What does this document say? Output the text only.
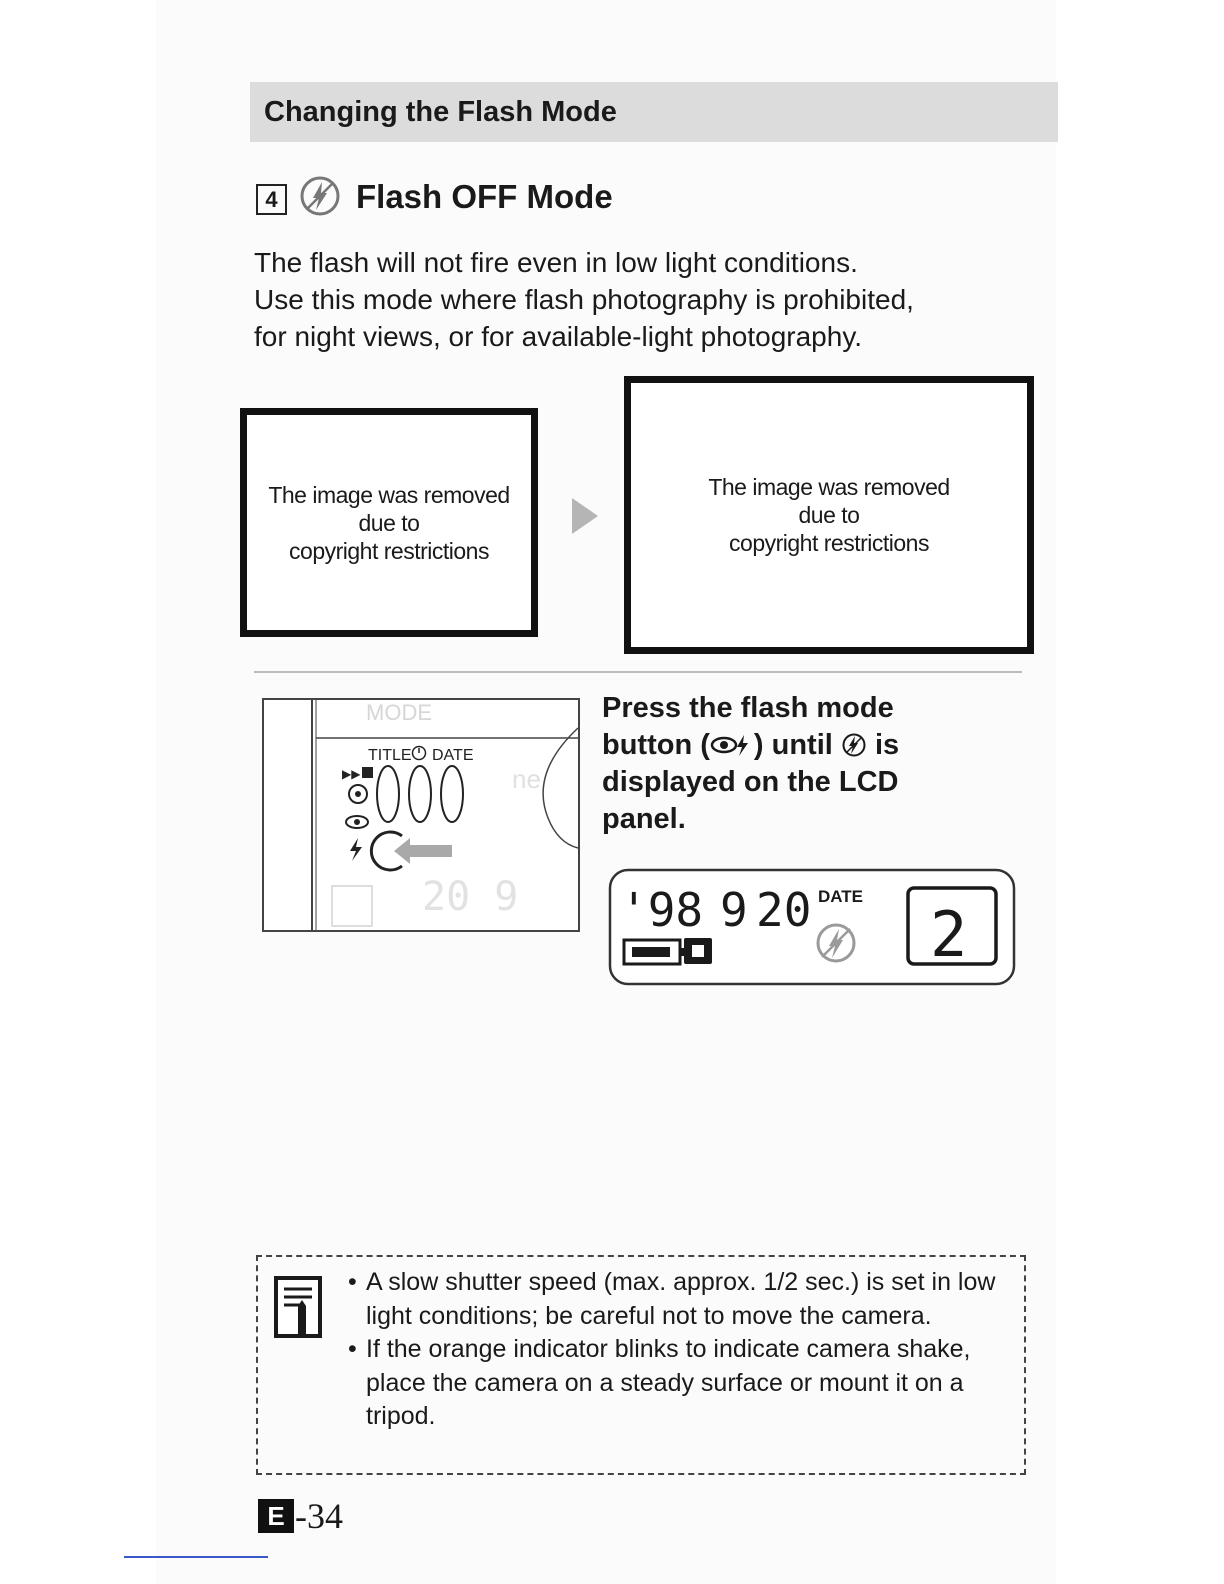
Changing the Flash Mode
4 Flash OFF Mode

The flash will not fire even in low light conditions.

Use this mode where flash photography is prohibited,

for night views, or for available-light photography.

The image was removed
due to
copyright restrictions
The image was removed
due to
copyright restrictions
MODE
ne
20 9
TITLE DATE
▶▶

Press the flash mode

button ( ) until is

displayed on the LCD

panel.

'98 9 20 DATE
2
• A slow shutter speed (max. approx. 1/2 sec.) is set in low light conditions; be careful not to move the camera.
• If the orange indicator blinks to indicate camera shake, place the camera on a steady surface or mount it on a tripod.
E -34
